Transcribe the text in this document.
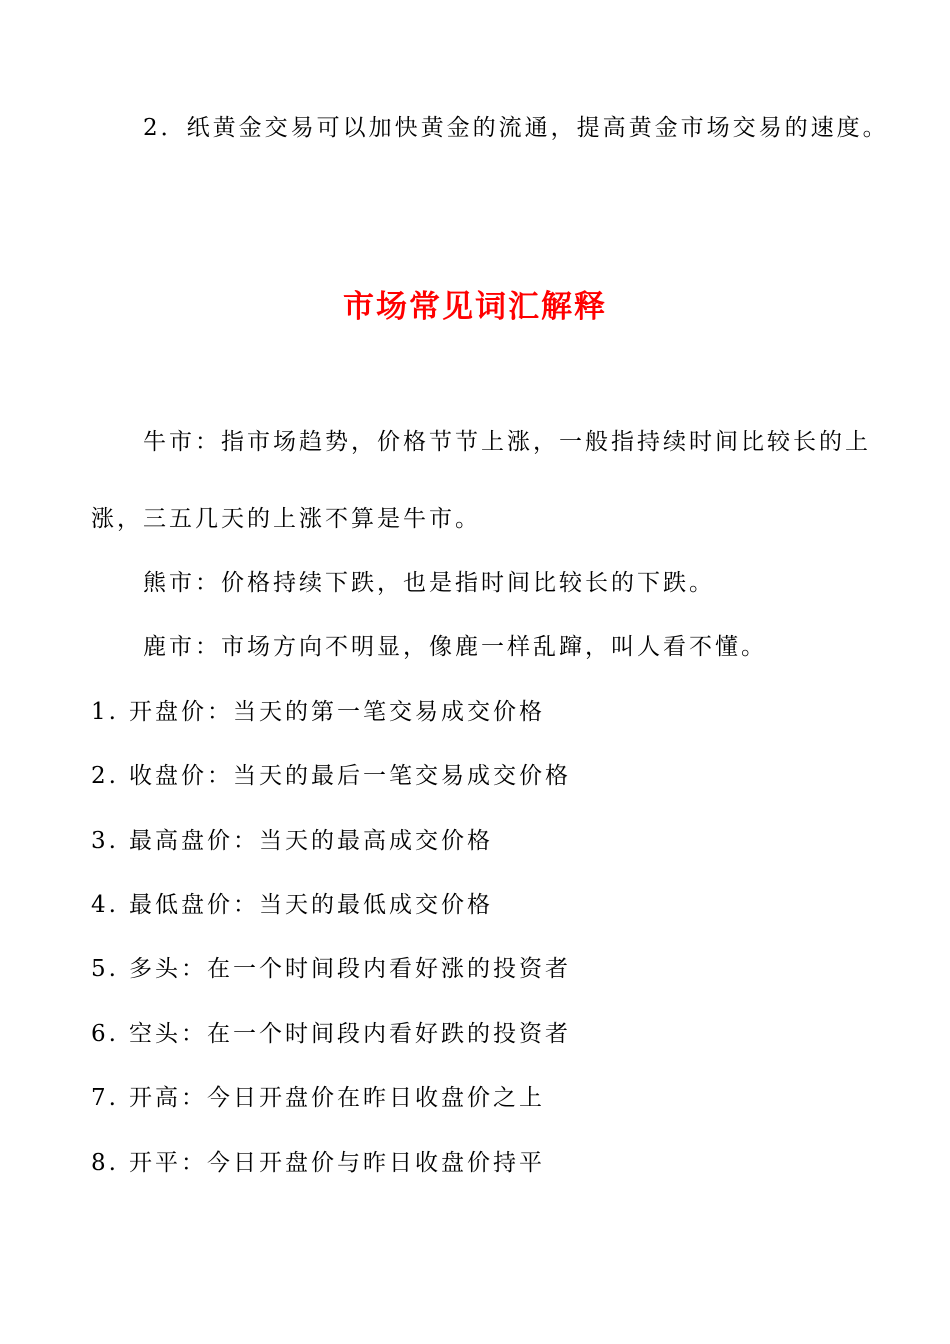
2．纸黄金交易可以加快黄金的流通，提高黄金市场交易的速度。
市场常见词汇解释
牛市：指市场趋势，价格节节上涨，一般指持续时间比较长的上
涨，三五几天的上涨不算是牛市。
熊市：价格持续下跌，也是指时间比较长的下跌。
鹿市：市场方向不明显，像鹿一样乱蹿，叫人看不懂。
1. 开盘价：当天的第一笔交易成交价格
2. 收盘价：当天的最后一笔交易成交价格
3. 最高盘价：当天的最高成交价格
4. 最低盘价：当天的最低成交价格
5. 多头：在一个时间段内看好涨的投资者
6. 空头：在一个时间段内看好跌的投资者
7. 开高：今日开盘价在昨日收盘价之上
8. 开平：今日开盘价与昨日收盘价持平
